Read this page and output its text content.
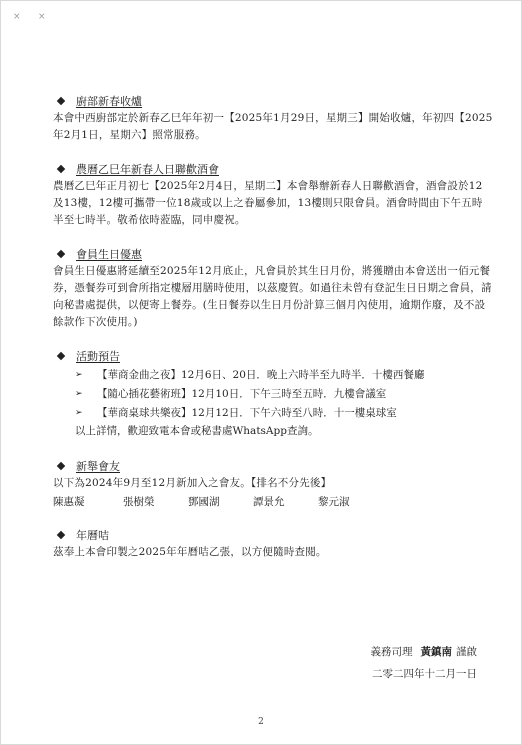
× ×
廚部新春收爐
本會中西廚部定於新春乙巳年年初一【2025年1月29日，星期三】開始收爐，年初四【2025年2月1日，星期六】照常服務。
農曆乙巳年新春人日聯歡酒會
農曆乙巳年正月初七【2025年2月4日，星期二】本會舉辦新春人日聯歡酒會，酒會設於12及13樓，12樓可攜帶一位18歲或以上之眷屬參加，13樓則只限會員。酒會時間由下午五時半至七時半。敬希依時蒞臨，同申慶祝。
會員生日優惠
會員生日優惠將延續至2025年12月底止，凡會員於其生日月份，將獲贈由本會送出一佰元餐券，憑餐券可到會所指定樓層用膳時使用，以茲慶賀。如過往未曾有登記生日日期之會員，請向秘書處提供，以便寄上餐券。(生日餐券以生日月份計算三個月內使用，逾期作廢，及不設餘款作下次使用。)
活動預告
➢	【華商金曲之夜】12月6日、20日．晚上六時半至九時半．十樓西餐廳
➢	【隨心插花藝術班】12月10日．下午三時至五時．九樓會議室
➢	【華商桌球共樂夜】12月12日．下午六時至八時．十一樓桌球室
以上詳情，歡迎致電本會或秘書處WhatsApp查詢。
新舉會友
以下為2024年9月至12月新加入之會友。【排名不分先後】
陳惠凝	張樹榮	鄧國湖	譚景允	黎元淑
年曆咭
茲奉上本會印製之2025年年曆咭乙張，以方便隨時查閱。
義務司理 黃鎮南 謹啟
二零二四年十二月一日
2
